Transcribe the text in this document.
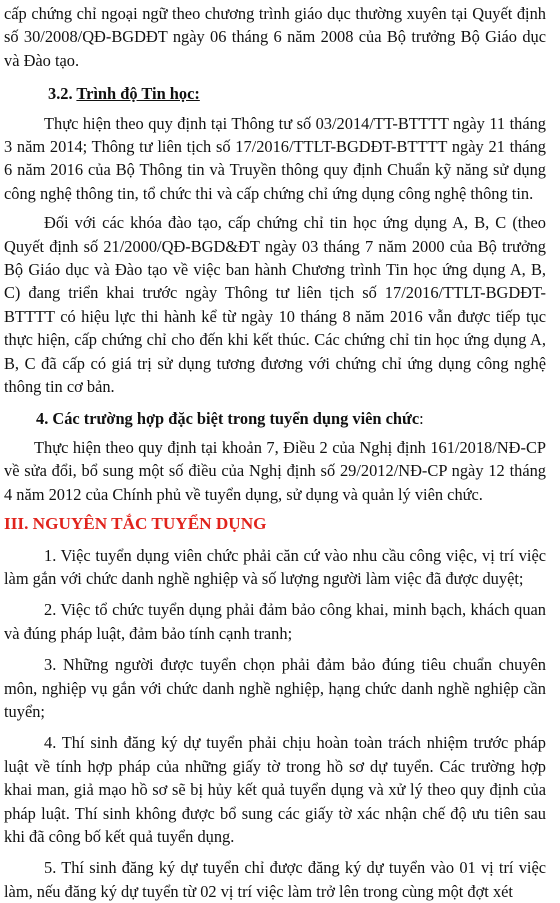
cấp chứng chỉ ngoại ngữ theo chương trình giáo dục thường xuyên tại Quyết định số 30/2008/QĐ-BGDĐT ngày 06 tháng 6 năm 2008 của Bộ trưởng Bộ Giáo dục và Đào tạo.

3.2. Trình độ Tin học:

Thực hiện theo quy định tại Thông tư số 03/2014/TT-BTTTT ngày 11 tháng 3 năm 2014; Thông tư liên tịch số 17/2016/TTLT-BGDĐT-BTTTT ngày 21 tháng 6 năm 2016 của Bộ Thông tin và Truyền thông quy định Chuẩn kỹ năng sử dụng công nghệ thông tin, tổ chức thi và cấp chứng chỉ ứng dụng công nghệ thông tin.

Đối với các khóa đào tạo, cấp chứng chỉ tin học ứng dụng A, B, C (theo Quyết định số 21/2000/QĐ-BGD&ĐT ngày 03 tháng 7 năm 2000 của Bộ trưởng Bộ Giáo dục và Đào tạo về việc ban hành Chương trình Tin học ứng dụng A, B, C) đang triển khai trước ngày Thông tư liên tịch số 17/2016/TTLT-BGDĐT-BTTTT có hiệu lực thi hành kể từ ngày 10 tháng 8 năm 2016 vẫn được tiếp tục thực hiện, cấp chứng chỉ cho đến khi kết thúc. Các chứng chỉ tin học ứng dụng A, B, C đã cấp có giá trị sử dụng tương đương với chứng chỉ ứng dụng công nghệ thông tin cơ bản.

4. Các trường hợp đặc biệt trong tuyển dụng viên chức:

Thực hiện theo quy định tại khoản 7, Điều 2 của Nghị định 161/2018/NĐ-CP về sửa đổi, bổ sung một số điều của Nghị định số 29/2012/NĐ-CP ngày 12 tháng 4 năm 2012 của Chính phủ về tuyển dụng, sử dụng và quản lý viên chức.

III. NGUYÊN TẮC TUYỂN DỤNG

1. Việc tuyển dụng viên chức phải căn cứ vào nhu cầu công việc, vị trí việc làm gắn với chức danh nghề nghiệp và số lượng người làm việc đã được duyệt;

2. Việc tổ chức tuyển dụng phải đảm bảo công khai, minh bạch, khách quan và đúng pháp luật, đảm bảo tính cạnh tranh;

3. Những người được tuyển chọn phải đảm bảo đúng tiêu chuẩn chuyên môn, nghiệp vụ gắn với chức danh nghề nghiệp, hạng chức danh nghề nghiệp cần tuyển;

4. Thí sinh đăng ký dự tuyển phải chịu hoàn toàn trách nhiệm trước pháp luật về tính hợp pháp của những giấy tờ trong hồ sơ dự tuyển. Các trường hợp khai man, giả mạo hồ sơ sẽ bị hủy kết quả tuyển dụng và xử lý theo quy định của pháp luật. Thí sinh không được bổ sung các giấy tờ xác nhận chế độ ưu tiên sau khi đã công bố kết quả tuyển dụng.

5. Thí sinh đăng ký dự tuyển chỉ được đăng ký dự tuyển vào 01 vị trí việc làm, nếu đăng ký dự tuyển từ 02 vị trí việc làm trở lên trong cùng một đợt xét
